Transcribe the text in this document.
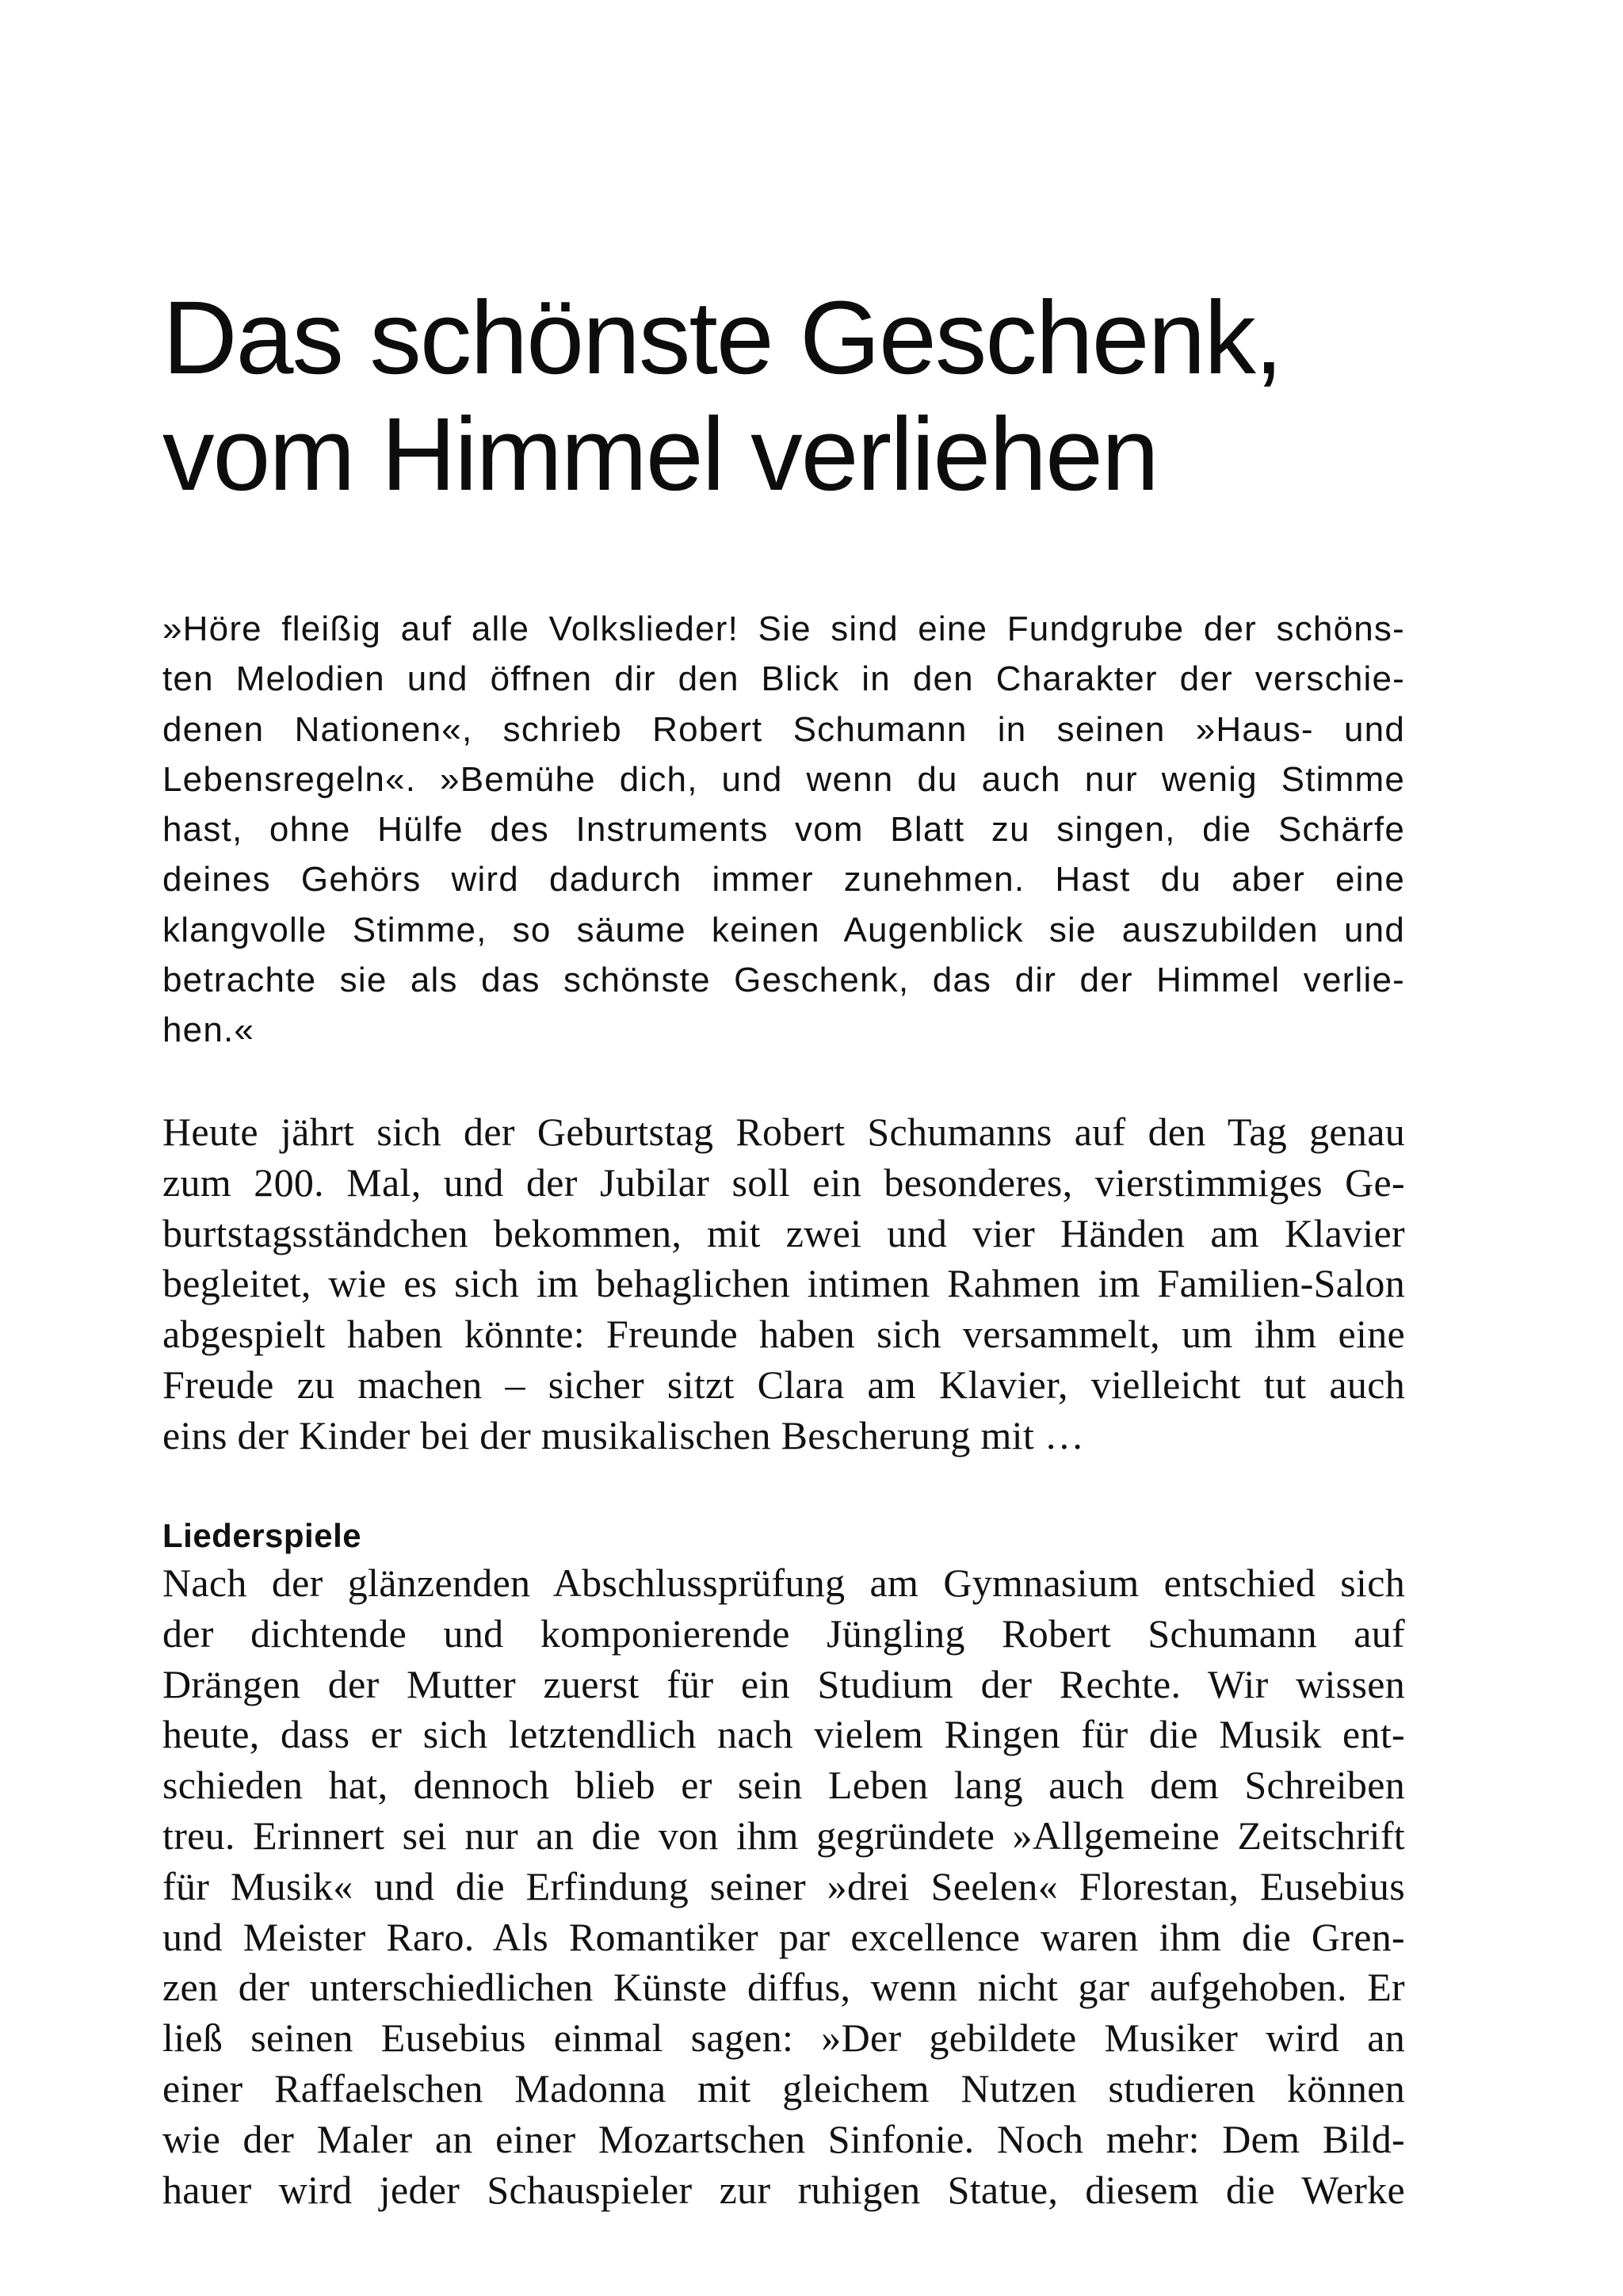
Das schönste Geschenk,
vom Himmel verliehen
»Höre fleißig auf alle Volkslieder! Sie sind eine Fundgrube der schöns-
ten Melodien und öffnen dir den Blick in den Charakter der verschie-
denen Nationen«, schrieb Robert Schumann in seinen »Haus- und
Lebensregeln«. »Bemühe dich, und wenn du auch nur wenig Stimme
hast, ohne Hülfe des Instruments vom Blatt zu singen, die Schärfe
deines Gehörs wird dadurch immer zunehmen. Hast du aber eine
klangvolle Stimme, so säume keinen Augenblick sie auszubilden und
betrachte sie als das schönste Geschenk, das dir der Himmel verlie-
hen.«
Heute jährt sich der Geburtstag Robert Schumanns auf den Tag genau
zum 200. Mal, und der Jubilar soll ein besonderes, vierstimmiges Ge-
burtstagsständchen bekommen, mit zwei und vier Händen am Klavier
begleitet, wie es sich im behaglichen intimen Rahmen im Familien-Salon
abgespielt haben könnte: Freunde haben sich versammelt, um ihm eine
Freude zu machen – sicher sitzt Clara am Klavier, vielleicht tut auch
eins der Kinder bei der musikalischen Bescherung mit …
Liederspiele
Nach der glänzenden Abschlussprüfung am Gymnasium entschied sich
der dichtende und komponierende Jüngling Robert Schumann auf
Drängen der Mutter zuerst für ein Studium der Rechte. Wir wissen
heute, dass er sich letztendlich nach vielem Ringen für die Musik ent-
schieden hat, dennoch blieb er sein Leben lang auch dem Schreiben
treu. Erinnert sei nur an die von ihm gegründete »Allgemeine Zeitschrift
für Musik« und die Erfindung seiner »drei Seelen« Florestan, Eusebius
und Meister Raro. Als Romantiker par excellence waren ihm die Gren-
zen der unterschiedlichen Künste diffus, wenn nicht gar aufgehoben. Er
ließ seinen Eusebius einmal sagen: »Der gebildete Musiker wird an
einer Raffaelschen Madonna mit gleichem Nutzen studieren können
wie der Maler an einer Mozartschen Sinfonie. Noch mehr: Dem Bild-
hauer wird jeder Schauspieler zur ruhigen Statue, diesem die Werke
